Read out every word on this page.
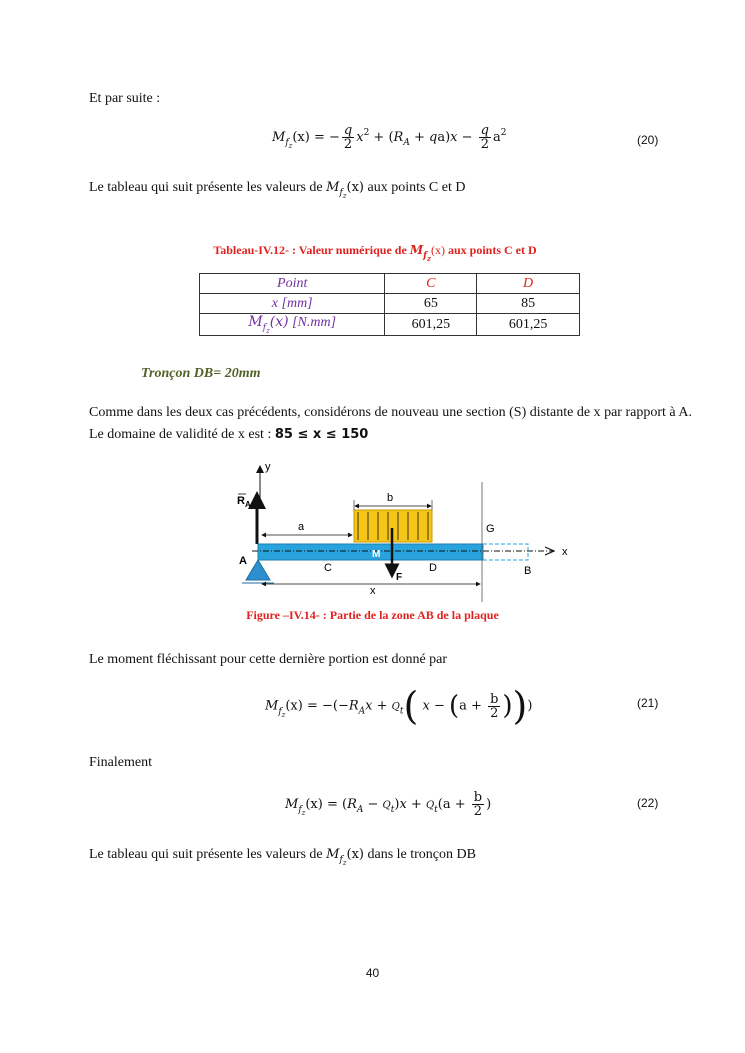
Et par suite :
$M_{f_z}(x)$ = − $\frac{q}{2} x^2 + (R_A + qa)x - \frac{q}{2} a^2$	(20)
Le tableau qui suit présente les valeurs de $M_{f_z}(x)$ aux points C et D
Tableau-IV.12- : Valeur numérique de $M_{f_z}(x)$ aux points C et D
Point	C	D
x [mm]	65	85
$M_{f_z}(x)$ [N.mm]	601,25	601,25
Tronçon DB= 20mm
Comme dans les deux cas précédents, considérons de nouveau une section (S) distante de x par rapport à A. Le domaine de validité de x est : 85 ≤ x ≤ 150
y
$R_A$
b
a
x
G
F
M
A
C	D	B
x
Figure –IV.14- : Partie de la zone AB de la plaque
Le moment fléchissant pour cette dernière portion est donné par
$M_{f_z}(x) = -(-R_Ax + Q_t$( $x - (a + \frac{b}{2}$ )))	(21)
Finalement
$M_{f_z}(x) = (R_A - Q_t)x + Q_t(a + \frac{b}{2}$ )	(22)
Le tableau qui suit présente les valeurs de $M_{f_z}(x)$ dans le tronçon DB
40
